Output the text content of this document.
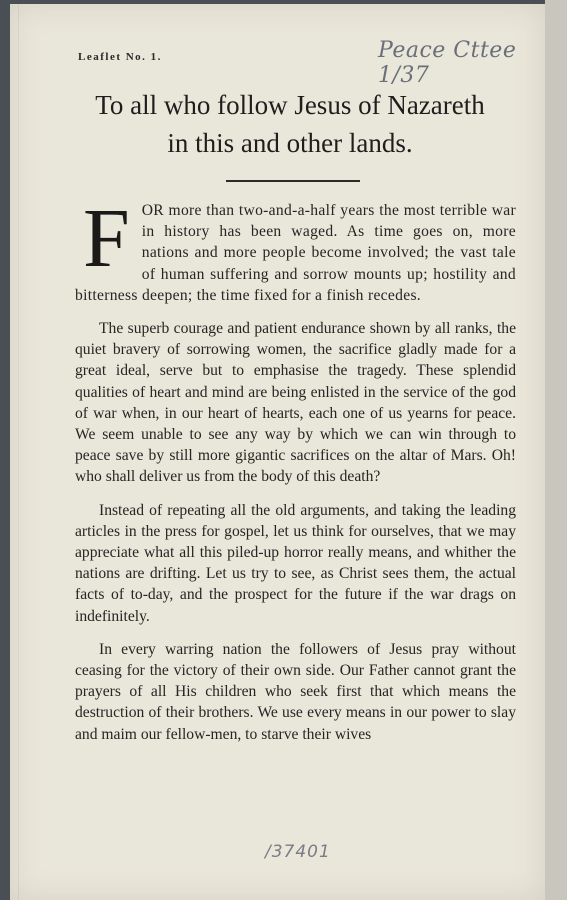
Leaflet No. 1.	Peace Cttee 1/37
To all who follow Jesus of Nazareth
in this and other lands.

FOR more than two-and-a-half years the most terrible war in history has been waged. As time goes on, more nations and more people become involved; the vast tale of human suffering and sorrow mounts up; hostility and bitterness deepen; the time fixed for a finish recedes.

The superb courage and patient endurance shown by all ranks, the quiet bravery of sorrowing women, the sacrifice gladly made for a great ideal, serve but to emphasise the tragedy. These splendid qualities of heart and mind are being enlisted in the service of the god of war when, in our heart of hearts, each one of us yearns for peace. We seem unable to see any way by which we can win through to peace save by still more gigantic sacrifices on the altar of Mars. Oh! who shall deliver us from the body of this death?

Instead of repeating all the old arguments, and taking the leading articles in the press for gospel, let us think for ourselves, that we may appreciate what all this piled-up horror really means, and whither the nations are drifting. Let us try to see, as Christ sees them, the actual facts of to-day, and the prospect for the future if the war drags on indefinitely.

In every warring nation the followers of Jesus pray without ceasing for the victory of their own side. Our Father cannot grant the prayers of all His children who seek first that which means the destruction of their brothers. We use every means in our power to slay and maim our fellow-men, to starve their wives

/37401
